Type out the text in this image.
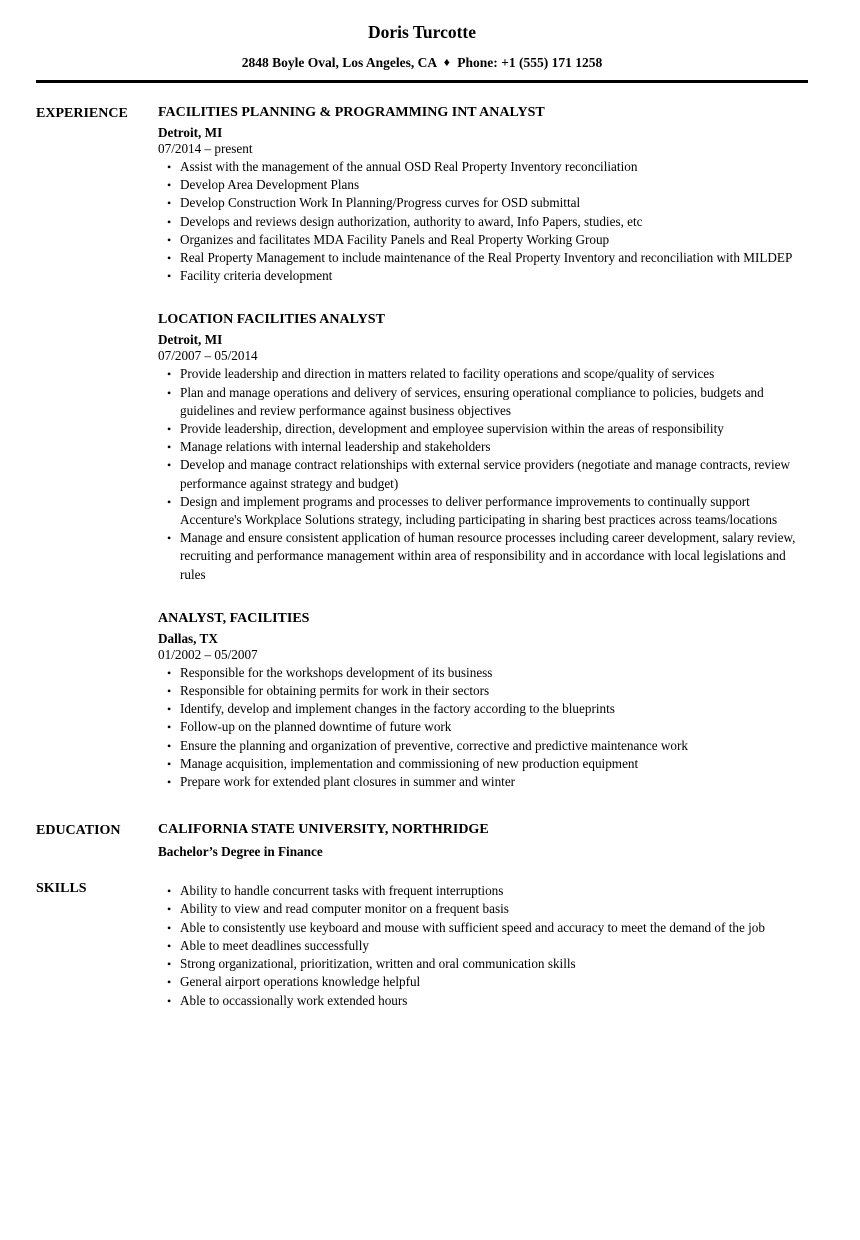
Doris Turcotte
2848 Boyle Oval, Los Angeles, CA ♦ Phone: +1 (555) 171 1258
EXPERIENCE	FACILITIES PLANNING & PROGRAMMING INT ANALYST
Detroit, MI
07/2014 – present
• Assist with the management of the annual OSD Real Property Inventory reconciliation
• Develop Area Development Plans
• Develop Construction Work In Planning/Progress curves for OSD submittal
• Develops and reviews design authorization, authority to award, Info Papers, studies, etc
• Organizes and facilitates MDA Facility Panels and Real Property Working Group
• Real Property Management to include maintenance of the Real Property Inventory and reconciliation with MILDEP
• Facility criteria development
LOCATION FACILITIES ANALYST
Detroit, MI
07/2007 – 05/2014
• Provide leadership and direction in matters related to facility operations and scope/quality of services
• Plan and manage operations and delivery of services, ensuring operational compliance to policies, budgets and guidelines and review performance against business objectives
• Provide leadership, direction, development and employee supervision within the areas of responsibility
• Manage relations with internal leadership and stakeholders
• Develop and manage contract relationships with external service providers (negotiate and manage contracts, review performance against strategy and budget)
• Design and implement programs and processes to deliver performance improvements to continually support Accenture's Workplace Solutions strategy, including participating in sharing best practices across teams/locations
• Manage and ensure consistent application of human resource processes including career development, salary review, recruiting and performance management within area of responsibility and in accordance with local legislations and rules
ANALYST, FACILITIES
Dallas, TX
01/2002 – 05/2007
• Responsible for the workshops development of its business
• Responsible for obtaining permits for work in their sectors
• Identify, develop and implement changes in the factory according to the blueprints
• Follow-up on the planned downtime of future work
• Ensure the planning and organization of preventive, corrective and predictive maintenance work
• Manage acquisition, implementation and commissioning of new production equipment
• Prepare work for extended plant closures in summer and winter
EDUCATION	CALIFORNIA STATE UNIVERSITY, NORTHRIDGE
Bachelor’s Degree in Finance
SKILLS	• Ability to handle concurrent tasks with frequent interruptions
• Ability to view and read computer monitor on a frequent basis
• Able to consistently use keyboard and mouse with sufficient speed and accuracy to meet the demand of the job
• Able to meet deadlines successfully
• Strong organizational, prioritization, written and oral communication skills
• General airport operations knowledge helpful
• Able to occassionally work extended hours
